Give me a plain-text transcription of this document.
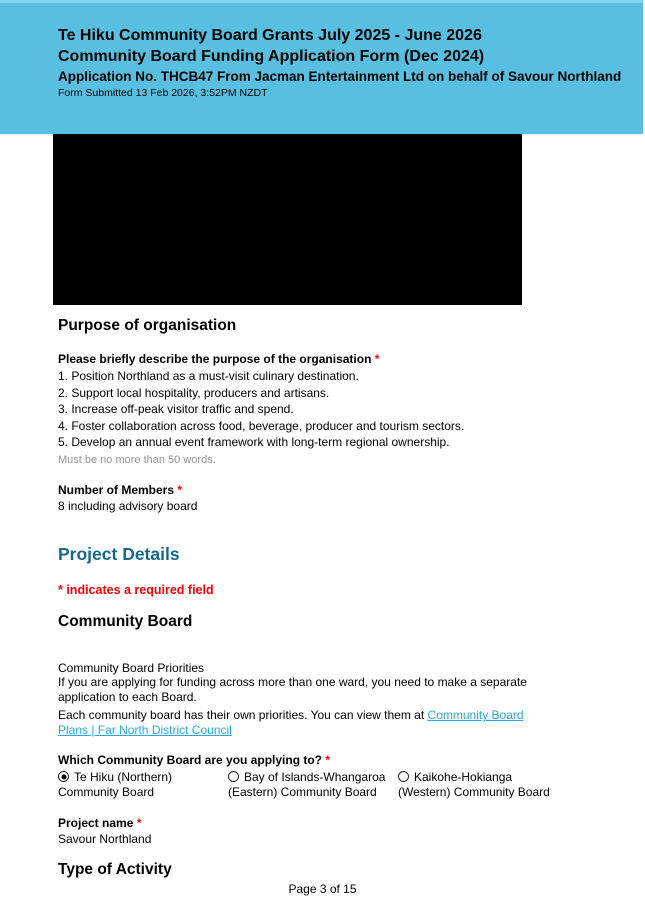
Te Hiku Community Board Grants July 2025 - June 2026
Community Board Funding Application Form (Dec 2024)
Application No. THCB47 From Jacman Entertainment Ltd on behalf of Savour Northland
Form Submitted 13 Feb 2026, 3:52PM NZDT
Purpose of organisation

Please briefly describe the purpose of the organisation *

1. Position Northland as a must-visit culinary destination.
2. Support local hospitality, producers and artisans.
3. Increase off-peak visitor traffic and spend.
4. Foster collaboration across food, beverage, producer and tourism sectors.
5. Develop an annual event framework with long-term regional ownership.

Must be no more than 50 words.

Number of Members *

8 including advisory board
Project Details

* indicates a required field

Community Board

Community Board Priorities

If you are applying for funding across more than one ward, you need to make a separate application to each Board.

Each community board has their own priorities. You can view them at Community Board Plans | Far North District Council

Which Community Board are you applying to? *

Te Hiku (Northern) Community Board
Bay of Islands-Whangaroa (Eastern) Community Board
Kaikohe-Hokianga (Western) Community Board

Project name *

Savour Northland
Type of Activity
Page 3 of 15
